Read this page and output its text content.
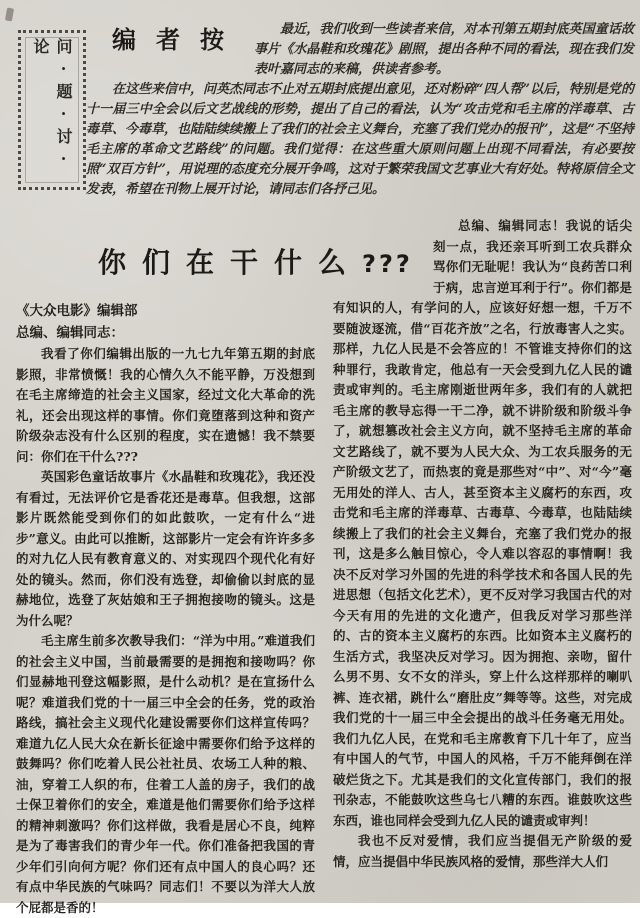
问·题·讨·论	编者按	最近，我们收到一些读者来信，对本刊第五期封底英国童话故事片《水晶鞋和玫瑰花》剧照，提出各种不同的看法，现在我们发表叶嘉同志的来稿，供读者参考。

在这些来信中，问英杰同志不止对五期封底提出意见，还对粉碎“四人帮”以后，特别是党的十一届三中全会以后文艺战线的形势，提出了自己的看法，认为“攻击党和毛主席的洋毒草、古毒草、今毒草，也陆陆续续搬上了我们的社会主义舞台，充塞了我们党办的报刊”，这是“不坚持毛主席的革命文艺路线”的问题。我们觉得：在这些重大原则问题上出现不同看法，有必要按照“双百方针”，用说理的态度充分展开争鸣，这对于繁荣我国文艺事业大有好处。特将原信全文发表，希望在刊物上展开讨论，请同志们各抒己见。

你们在干什么???

《大众电影》编辑部

总编、编辑同志：

我看了你们编辑出版的一九七九年第五期的封底影照，非常愤慨！我的心情久久不能平静，万没想到在毛主席缔造的社会主义国家，经过文化大革命的洗礼，还会出现这样的事情。你们竟堕落到这种和资产阶级杂志没有什么区别的程度，实在遗憾！我不禁要问：你们在干什么???

英国彩色童话故事片《水晶鞋和玫瑰花》，我还没有看过，无法评价它是香花还是毒草。但我想，这部影片既然能受到你们的如此鼓吹，一定有什么“进步”意义。由此可以推断，这部影片一定会有许许多多的对九亿人民有教育意义的、对实现四个现代化有好处的镜头。然而，你们没有选登，却偷偷以封底的显赫地位，选登了灰姑娘和王子拥抱接吻的镜头。这是为什么呢？

毛主席生前多次教导我们：“洋为中用。”难道我们的社会主义中国，当前最需要的是拥抱和接吻吗？你们显赫地刊登这幅影照，是什么动机？是在宣扬什么呢？难道我们党的十一届三中全会的任务，党的政治路线，搞社会主义现代化建设需要你们这样宣传吗？难道九亿人民大众在新长征途中需要你们给予这样的鼓舞吗？你们吃着人民公社社员、农场工人种的粮、油，穿着工人织的布，住着工人盖的房子，我们的战士保卫着你们的安全，难道是他们需要你们给予这样的精神刺激吗？你们这样做，我看是居心不良，纯粹是为了毒害我们的青少年一代。你们准备把我国的青少年们引向何方呢？你们还有点中国人的良心吗？还有点中华民族的气味吗？同志们！不要以为洋大人放个屁都是香的！

总编、编辑同志！我说的话尖刻一点，我还亲耳听到工农兵群众骂你们无耻呢！我认为“良药苦口利于病，忠言逆耳利于行”。你们都是有知识的人，有学问的人，应该好好想一想，千万不要随波逐流，借“百花齐放”之名，行放毒害人之实。那样，九亿人民是不会答应的！不管谁支持你们的这种罪行，我敢肯定，他总有一天会受到九亿人民的谴责或审判的。毛主席刚逝世两年多，我们有的人就把毛主席的教导忘得一干二净，就不讲阶级和阶级斗争了，就想篡改社会主义方向，就不坚持毛主席的革命文艺路线了，就不要为人民大众、为工农兵服务的无产阶级文艺了，而热衷的竟是那些对“中”、对“今”毫无用处的洋人、古人，甚至资本主义腐朽的东西，攻击党和毛主席的洋毒草、古毒草、今毒草，也陆陆续续搬上了我们的社会主义舞台，充塞了我们党办的报刊，这是多么触目惊心，令人难以容忍的事情啊！我决不反对学习外国的先进的科学技术和各国人民的先进思想（包括文化艺术），更不反对学习我国古代的对今天有用的先进的文化遗产，但我反对学习那些洋的、古的资本主义腐朽的东西。比如资本主义腐朽的生活方式，我坚决反对学习。因为拥抱、亲吻，留什么男不男、女不女的洋头，穿上什么这样那样的喇叭裤、连衣裙，跳什么“磨肚皮”舞等等。这些，对完成我们党的十一届三中全会提出的战斗任务毫无用处。我们九亿人民，在党和毛主席教育下几十年了，应当有中国人的气节，中国人的风格，千万不能拜倒在洋破烂货之下。尤其是我们的文化宣传部门，我们的报刊杂志，不能鼓吹这些乌七八糟的东西。谁鼓吹这些东西，谁也同样会受到九亿人民的谴责或审判！

我也不反对爱情，我们应当提倡无产阶级的爱情，应当提倡中华民族风格的爱情，那些洋大人们
